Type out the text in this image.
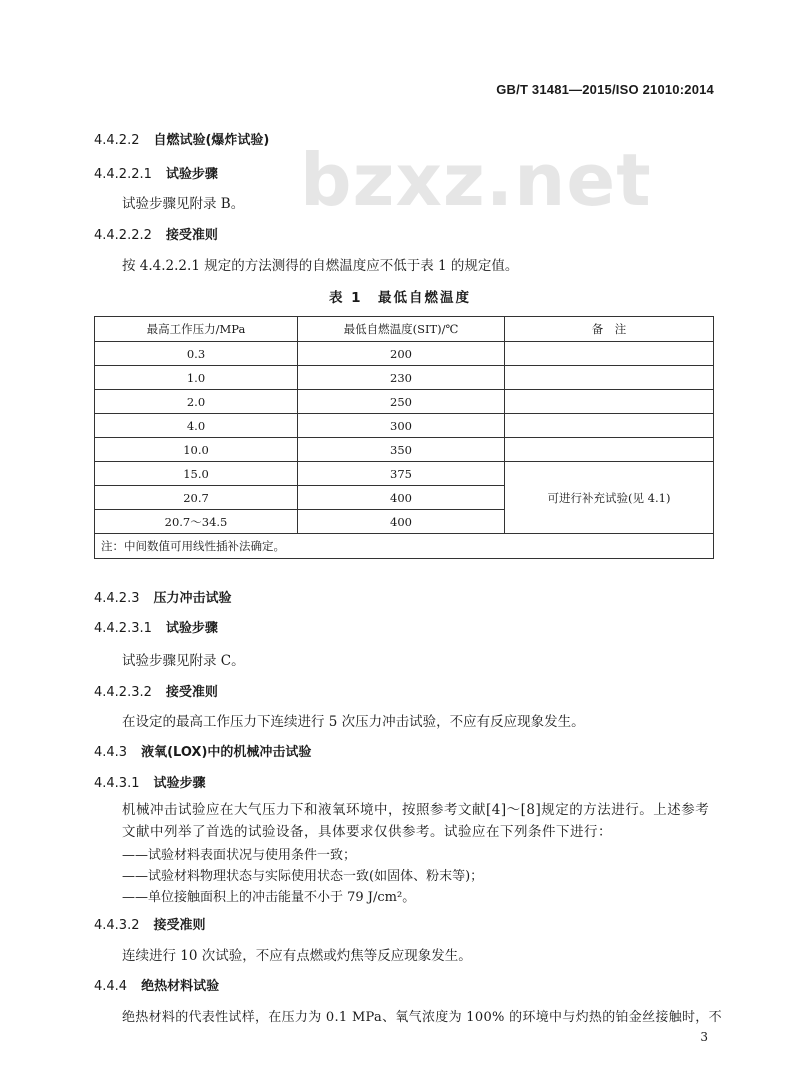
bzxz.net
GB/T 31481—2015/ISO 21010:2014
4.4.2.2 自燃试验(爆炸试验)
4.4.2.2.1 试验步骤
试验步骤见附录 B。
4.4.2.2.2 接受准则
按 4.4.2.2.1 规定的方法测得的自燃温度应不低于表 1 的规定值。
表 1　最低自燃温度
最高工作压力/MPa	最低自燃温度(SIT)/℃	备　注
0.3	200	
1.0	230	
2.0	250	
4.0	300	
10.0	350	
15.0	375	可进行补充试验(见 4.1)
20.7	400	
20.7～34.5	400	
注：中间数值可用线性插补法确定。		
4.4.2.3 压力冲击试验
4.4.2.3.1 试验步骤
试验步骤见附录 C。
4.4.2.3.2 接受准则
在设定的最高工作压力下连续进行 5 次压力冲击试验，不应有反应现象发生。
4.4.3 液氧(LOX)中的机械冲击试验
4.4.3.1 试验步骤
机械冲击试验应在大气压力下和液氧环境中，按照参考文献[4]～[8]规定的方法进行。上述参考文献中列举了首选的试验设备，具体要求仅供参考。试验应在下列条件下进行：
——试验材料表面状况与使用条件一致；
——试验材料物理状态与实际使用状态一致(如固体、粉末等)；
——单位接触面积上的冲击能量不小于 79 J/cm²。
4.4.3.2 接受准则
连续进行 10 次试验，不应有点燃或灼焦等反应现象发生。
4.4.4 绝热材料试验
绝热材料的代表性试样，在压力为 0.1 MPa、氧气浓度为 100% 的环境中与灼热的铂金丝接触时，不
3
